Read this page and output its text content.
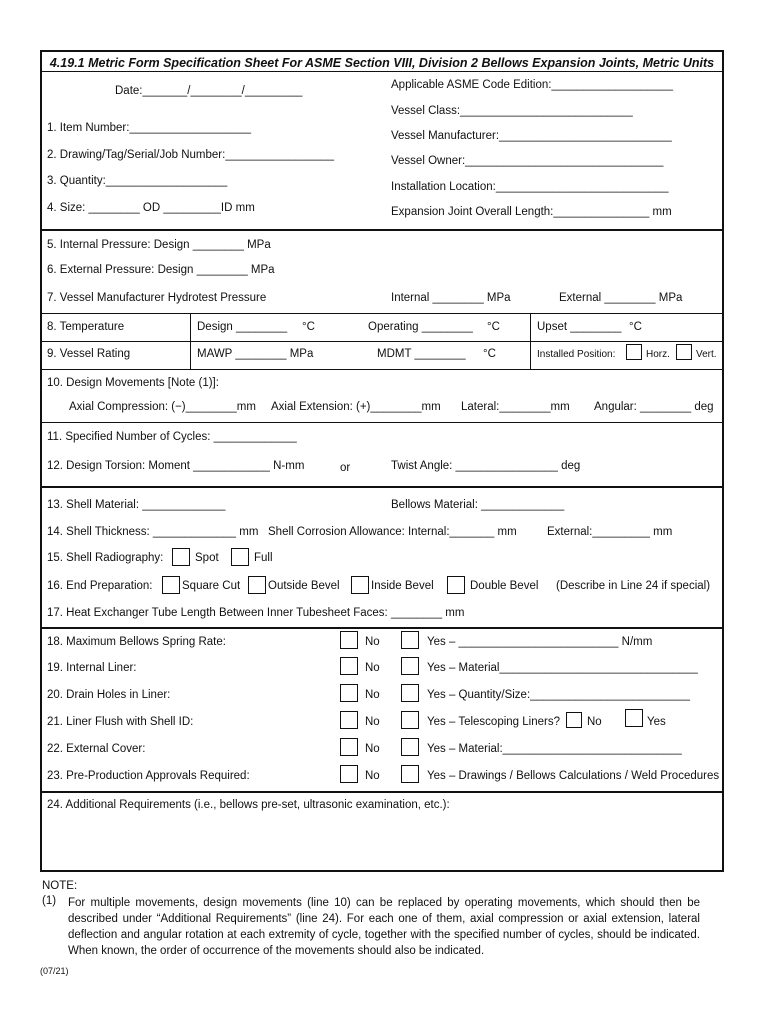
4.19.1 Metric Form Specification Sheet For ASME Section VIII, Division 2 Bellows Expansion Joints, Metric Units
Date:_______/________/_________
1. Item Number:___________________
2. Drawing/Tag/Serial/Job Number:_________________
3. Quantity:___________________
4. Size: ________ OD _________ID mm
Applicable ASME Code Edition:___________________
Vessel Class:___________________________
Vessel Manufacturer:___________________________
Vessel Owner:_______________________________
Installation Location:___________________________
Expansion Joint Overall Length:_______________ mm
5. Internal Pressure: Design ________ MPa
6. External Pressure: Design ________ MPa
7. Vessel Manufacturer Hydrotest Pressure	Internal ________ MPa	External ________ MPa
8. Temperature	Design ________ °C	Operating ________ °C	Upset ________ °C
9. Vessel Rating	MAWP ________ MPa	MDMT ________ °C	Installed Position:	Horz.	Vert.
10. Design Movements [Note (1)]:
Axial Compression: (−)________mm Axial Extension: (+)________mm Lateral:________mm Angular: ________ deg
11. Specified Number of Cycles: _____________
12. Design Torsion: Moment ____________ N-mm	or	Twist Angle: ________________ deg
13. Shell Material: _____________	Bellows Material: _____________
14. Shell Thickness: _____________ mm Shell Corrosion Allowance: Internal:_______ mm	External:_________ mm
15. Shell Radiography:	Spot	Full
16. End Preparation:	Square Cut Outside Bevel	Inside Bevel	Double Bevel (Describe in Line 24 if special)
17. Heat Exchanger Tube Length Between Inner Tubesheet Faces: ________ mm
18. Maximum Bellows Spring Rate:	No	Yes – _________________________ N/mm
19. Internal Liner:	No	Yes – Material_______________________________
20. Drain Holes in Liner:	No	Yes – Quantity/Size:_________________________
21. Liner Flush with Shell ID:	No	Yes – Telescoping Liners? No	Yes
22. External Cover:	No	Yes – Material:____________________________
23. Pre-Production Approvals Required:	No	Yes – Drawings / Bellows Calculations / Weld Procedures
24. Additional Requirements (i.e., bellows pre-set, ultrasonic examination, etc.):
NOTE:
(1) For multiple movements, design movements (line 10) can be replaced by operating movements, which should then be described under “Additional Requirements” (line 24). For each one of them, axial compression or axial extension, lateral deflection and angular rotation at each extremity of cycle, together with the specified number of cycles, should be indicated. When known, the order of occurrence of the movements should also be indicated.
(07/21)
